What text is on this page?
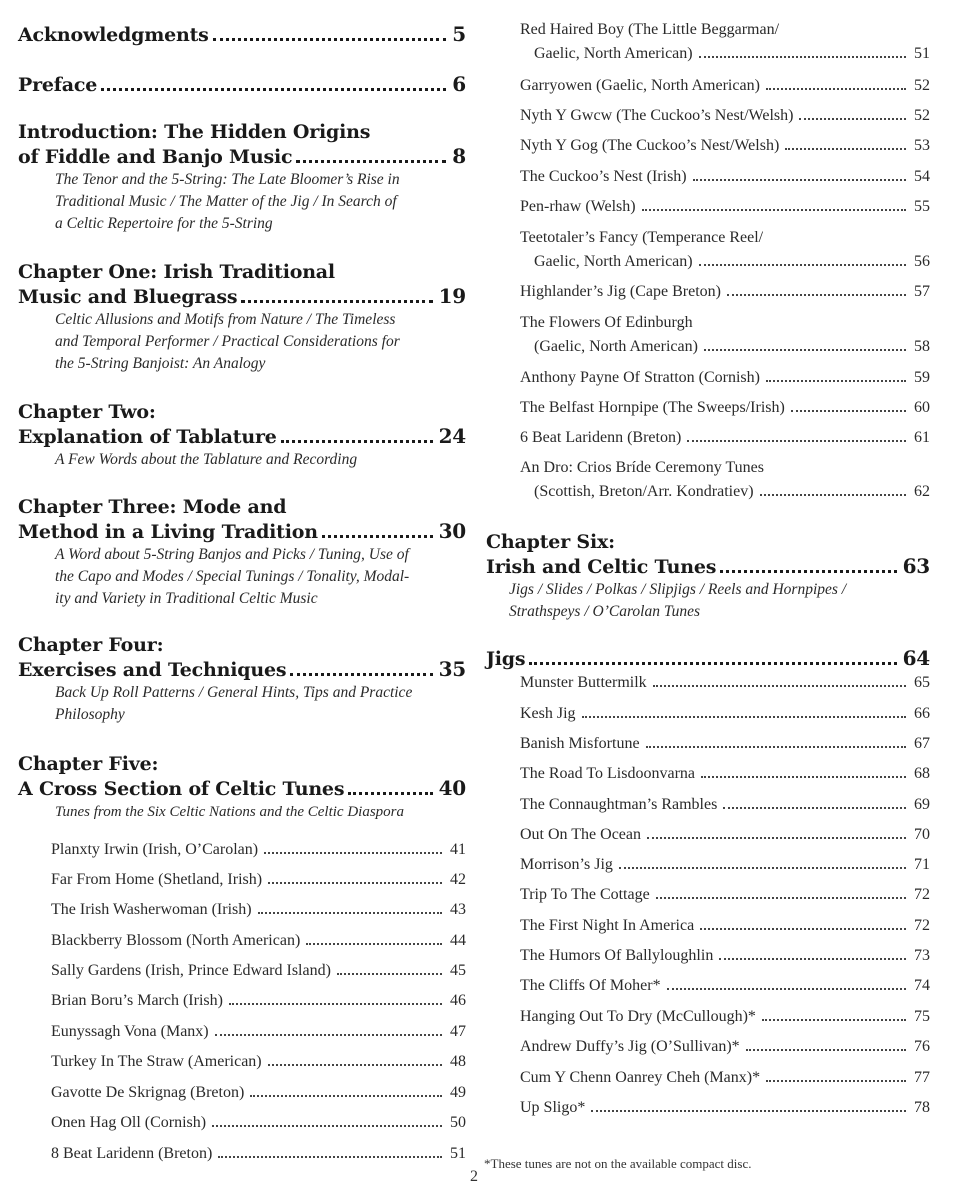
Acknowledgments	5
Preface	6
Introduction: The Hidden Origins
of Fiddle and Banjo Music	8
The Tenor and the 5-String: The Late Bloomer’s Rise in
Traditional Music / The Matter of the Jig / In Search of
a Celtic Repertoire for the 5-String
Chapter One: Irish Traditional
Music and Bluegrass	19
Celtic Allusions and Motifs from Nature / The Timeless
and Temporal Performer / Practical Considerations for
the 5-String Banjoist: An Analogy
Chapter Two:
Explanation of Tablature	24
A Few Words about the Tablature and Recording
Chapter Three: Mode and
Method in a Living Tradition	30
A Word about 5-String Banjos and Picks / Tuning, Use of
the Capo and Modes / Special Tunings / Tonality, Modal-
ity and Variety in Traditional Celtic Music
Chapter Four:
Exercises and Techniques	35
Back Up Roll Patterns / General Hints, Tips and Practice
Philosophy
Chapter Five:
A Cross Section of Celtic Tunes	40
Tunes from the Six Celtic Nations and the Celtic Diaspora
Planxty Irwin (Irish, O’Carolan)	41
Far From Home (Shetland, Irish)	42
The Irish Washerwoman (Irish)	43
Blackberry Blossom (North American)	44
Sally Gardens (Irish, Prince Edward Island)	45
Brian Boru’s March (Irish)	46
Eunyssagh Vona (Manx)	47
Turkey In The Straw (American)	48
Gavotte De Skrignag (Breton)	49
Onen Hag Oll (Cornish)	50
8 Beat Laridenn (Breton)	51
Red Haired Boy (The Little Beggarman/
Gaelic, North American)	51
Garryowen (Gaelic, North American)	52
Nyth Y Gwcw (The Cuckoo’s Nest/Welsh)	52
Nyth Y Gog (The Cuckoo’s Nest/Welsh)	53
The Cuckoo’s Nest (Irish)	54
Pen-rhaw (Welsh)	55
Teetotaler’s Fancy (Temperance Reel/
Gaelic, North American)	56
Highlander’s Jig (Cape Breton)	57
The Flowers Of Edinburgh
(Gaelic, North American)	58
Anthony Payne Of Stratton (Cornish)	59
The Belfast Hornpipe (The Sweeps/Irish)	60
6 Beat Laridenn (Breton)	61
An Dro: Crios Bríde Ceremony Tunes
(Scottish, Breton/Arr. Kondratiev)	62
Chapter Six:
Irish and Celtic Tunes	63
Jigs / Slides / Polkas / Slipjigs / Reels and Hornpipes /
Strathspeys / O’Carolan Tunes
Jigs	64
Munster Buttermilk	65
Kesh Jig	66
Banish Misfortune	67
The Road To Lisdoonvarna	68
The Connaughtman’s Rambles	69
Out On The Ocean	70
Morrison’s Jig	71
Trip To The Cottage	72
The First Night In America	72
The Humors Of Ballyloughlin	73
The Cliffs Of Moher*	74
Hanging Out To Dry (McCullough)*	75
Andrew Duffy’s Jig (O’Sullivan)*	76
Cum Y Chenn Oanrey Cheh (Manx)*	77
Up Sligo*	78
*These tunes are not on the available compact disc.
2
